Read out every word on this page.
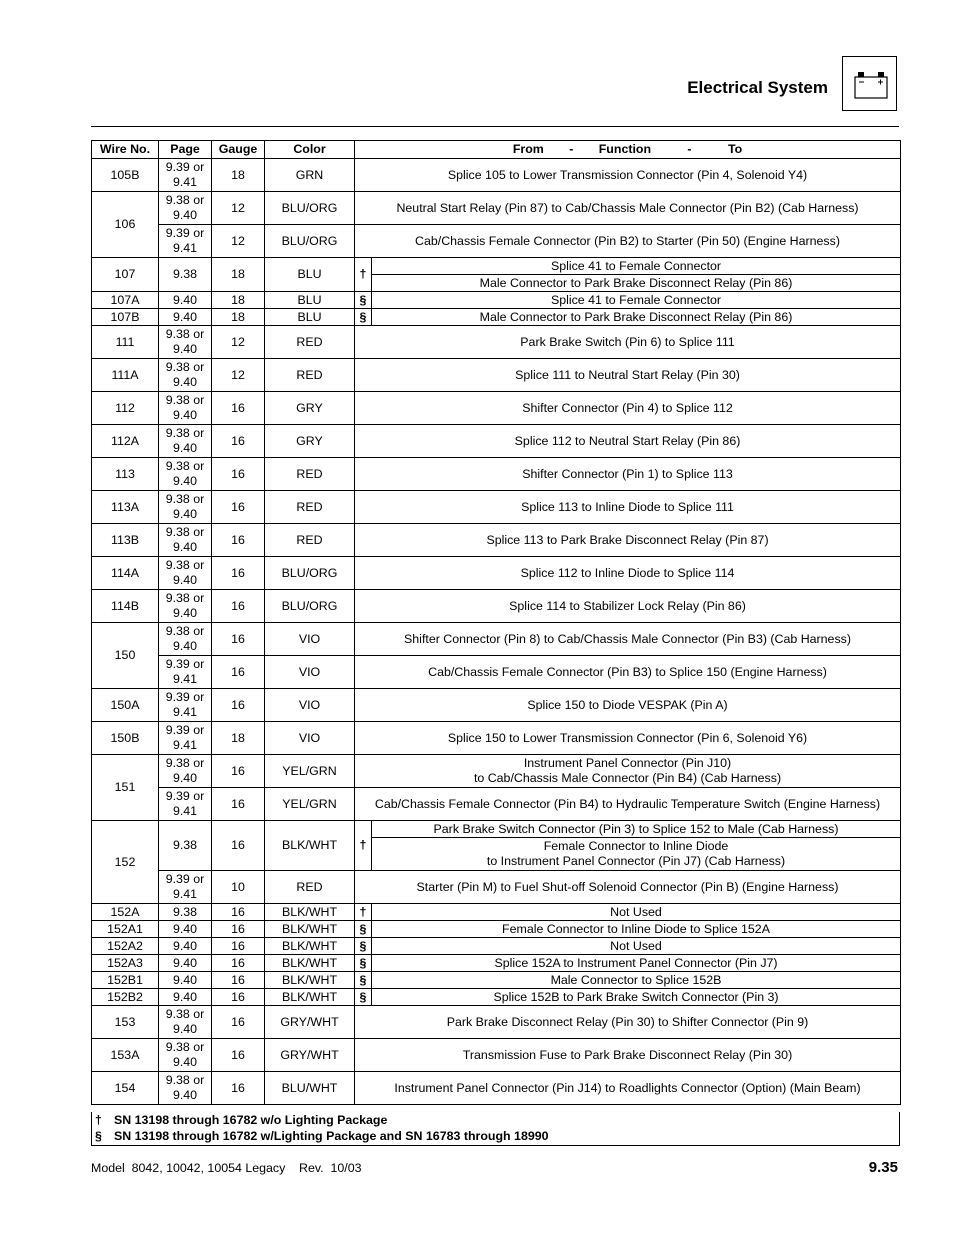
Electrical System
Wire No.	Page	Gauge	Color	From - Function - To	
105B	9.39 or 9.41	18	GRN	Splice 105 to Lower Transmission Connector (Pin 4, Solenoid Y4)	
106	9.38 or 9.40	12	BLU/ORG	Neutral Start Relay (Pin 87) to Cab/Chassis Male Connector (Pin B2) (Cab Harness)	
	9.39 or 9.41	12	BLU/ORG	Cab/Chassis Female Connector (Pin B2) to Starter (Pin 50) (Engine Harness)	
107	9.38	18	BLU	†	Splice 41 to Female Connector
					Male Connector to Park Brake Disconnect Relay (Pin 86)
107A	9.40	18	BLU	§	Splice 41 to Female Connector
107B	9.40	18	BLU	§	Male Connector to Park Brake Disconnect Relay (Pin 86)
111	9.38 or 9.40	12	RED	Park Brake Switch (Pin 6) to Splice 111	
111A	9.38 or 9.40	12	RED	Splice 111 to Neutral Start Relay (Pin 30)	
112	9.38 or 9.40	16	GRY	Shifter Connector (Pin 4) to Splice 112	
112A	9.38 or 9.40	16	GRY	Splice 112 to Neutral Start Relay (Pin 86)	
113	9.38 or 9.40	16	RED	Shifter Connector (Pin 1) to Splice 113	
113A	9.38 or 9.40	16	RED	Splice 113 to Inline Diode to Splice 111	
113B	9.38 or 9.40	16	RED	Splice 113 to Park Brake Disconnect Relay (Pin 87)	
114A	9.38 or 9.40	16	BLU/ORG	Splice 112 to Inline Diode to Splice 114	
114B	9.38 or 9.40	16	BLU/ORG	Splice 114 to Stabilizer Lock Relay (Pin 86)	
150	9.38 or 9.40	16	VIO	Shifter Connector (Pin 8) to Cab/Chassis Male Connector (Pin B3) (Cab Harness)	
	9.39 or 9.41	16	VIO	Cab/Chassis Female Connector (Pin B3) to Splice 150 (Engine Harness)	
150A	9.39 or 9.41	16	VIO	Splice 150 to Diode VESPAK (Pin A)	
150B	9.39 or 9.41	18	VIO	Splice 150 to Lower Transmission Connector (Pin 6, Solenoid Y6)	
151	9.38 or 9.40	16	YEL/GRN	Instrument Panel Connector (Pin J10)
to Cab/Chassis Male Connector (Pin B4) (Cab Harness)	

	9.39 or 9.41	16	YEL/GRN	Cab/Chassis Female Connector (Pin B4) to Hydraulic Temperature Switch (Engine Harness)	
152	9.38	16	BLK/WHT	†	Park Brake Switch Connector (Pin 3) to Splice 152 to Male (Cab Harness)

					Female Connector to Inline Diode
to Instrument Panel Connector (Pin J7) (Cab Harness)

	9.39 or 9.41	10	RED	Starter (Pin M) to Fuel Shut-off Solenoid Connector (Pin B) (Engine Harness)	
152A	9.38	16	BLK/WHT	†	Not Used
152A1	9.40	16	BLK/WHT	§	Female Connector to Inline Diode to Splice 152A
152A2	9.40	16	BLK/WHT	§	Not Used
152A3	9.40	16	BLK/WHT	§	Splice 152A to Instrument Panel Connector (Pin J7)
152B1	9.40	16	BLK/WHT	§	Male Connector to Splice 152B
152B2	9.40	16	BLK/WHT	§	Splice 152B to Park Brake Switch Connector (Pin 3)
153	9.38 or 9.40	16	GRY/WHT	Park Brake Disconnect Relay (Pin 30) to Shifter Connector (Pin 9)	
153A	9.38 or 9.40	16	GRY/WHT	Transmission Fuse to Park Brake Disconnect Relay (Pin 30)	
154	9.38 or 9.40	16	BLU/WHT	Instrument Panel Connector (Pin J14) to Roadlights Connector (Option) (Main Beam)	
† SN 13198 through 16782 w/o Lighting Package
§ SN 13198 through 16782 w/Lighting Package and SN 16783 through 18990
Model  8042, 10042, 10054 Legacy    Rev.  10/03	9.35
